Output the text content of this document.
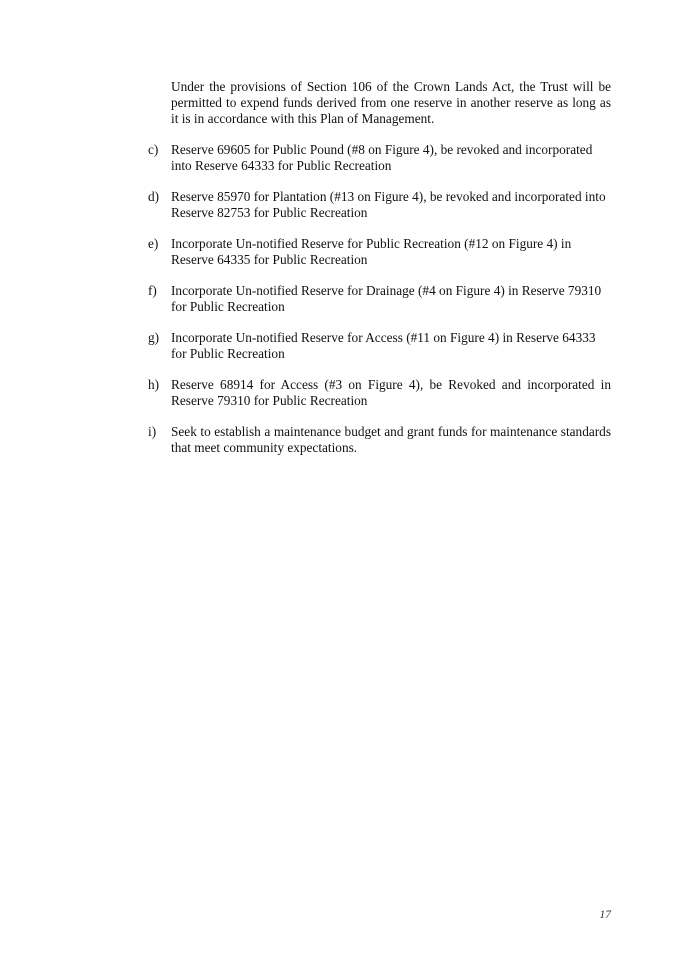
Under the provisions of Section 106 of the Crown Lands Act, the Trust will be permitted to expend funds derived from one reserve in another reserve as long as it is in accordance with this Plan of Management.

c) Reserve 69605 for Public Pound (#8 on Figure 4), be revoked and incorporated into Reserve 64333 for Public Recreation
d) Reserve 85970 for Plantation (#13 on Figure 4), be revoked and incorporated into Reserve 82753 for Public Recreation
e) Incorporate Un-notified Reserve for Public Recreation (#12 on Figure 4) in Reserve 64335 for Public Recreation
f)	Incorporate Un-notified Reserve for Drainage (#4 on Figure 4) in Reserve 79310 for Public Recreation
g) Incorporate Un-notified Reserve for Access (#11 on Figure 4) in Reserve 64333 for Public Recreation
h) Reserve 68914 for Access (#3 on Figure 4), be Revoked and incorporated in Reserve 79310 for Public Recreation
i)	Seek to establish a maintenance budget and grant funds for maintenance standards that meet community expectations.
17
